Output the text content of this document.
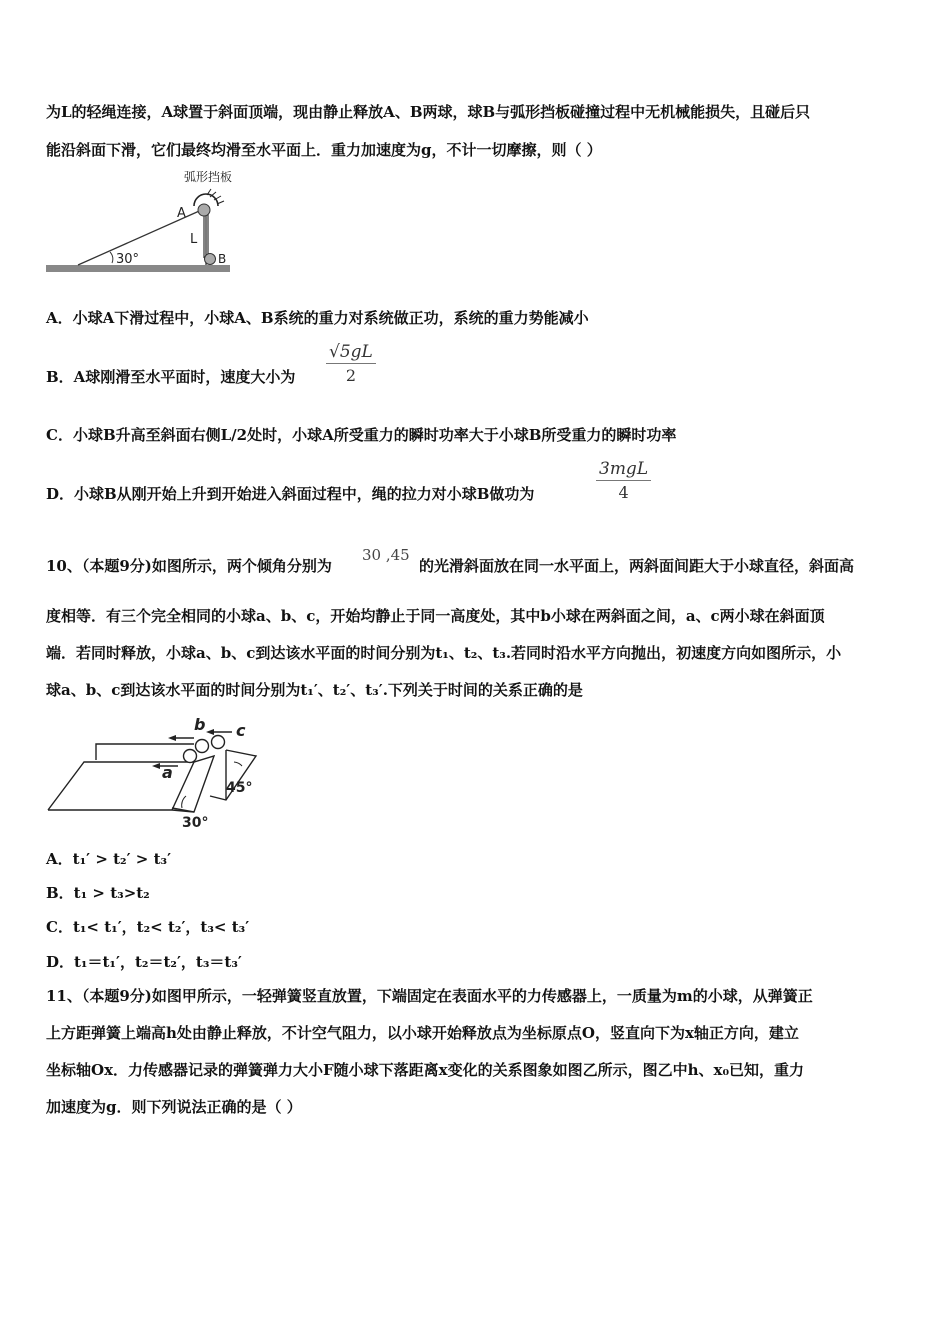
为L的轻绳连接，A球置于斜面顶端，现由静止释放A、B两球，球B与弧形挡板碰撞过程中无机械能损失，且碰后只
能沿斜面下滑，它们最终均滑至水平面上．重力加速度为g，不计一切摩擦，则（ ）
弧形挡板
A
L
B
30°
A．小球A下滑过程中，小球A、B系统的重力对系统做正功，系统的重力势能减小
B．A球刚滑至水平面时，速度大小为
√5gL
2
C．小球B升高至斜面右侧L/2处时，小球A所受重力的瞬时功率大于小球B所受重力的瞬时功率
D．小球B从刚开始上升到开始进入斜面过程中，绳的拉力对小球B做功为
3mgL
4
10、（本题9分)如图所示，两个倾角分别为
30 ,45
的光滑斜面放在同一水平面上，两斜面间距大于小球直径，斜面高
度相等．有三个完全相同的小球a、b、c，开始均静止于同一高度处，其中b小球在两斜面之间，a、c两小球在斜面顶
端．若同时释放，小球a、b、c到达该水平面的时间分别为t₁、t₂、t₃.若同时沿水平方向抛出，初速度方向如图所示，小
球a、b、c到达该水平面的时间分别为t₁′、t₂′、t₃′.下列关于时间的关系正确的是
a
b c
30°
45°
A．t₁′ > t₂′ > t₃′
B．t₁ > t₃>t₂
C．t₁< t₁′，t₂< t₂′，t₃< t₃′
D．t₁＝t₁′，t₂＝t₂′，t₃＝t₃′
11、（本题9分)如图甲所示，一轻弹簧竖直放置，下端固定在表面水平的力传感器上，一质量为m的小球，从弹簧正
上方距弹簧上端高h处由静止释放，不计空气阻力，以小球开始释放点为坐标原点O，竖直向下为x轴正方向，建立
坐标轴Ox．力传感器记录的弹簧弹力大小F随小球下落距离x变化的关系图象如图乙所示，图乙中h、x₀已知，重力
加速度为g．则下列说法正确的是（ ）
